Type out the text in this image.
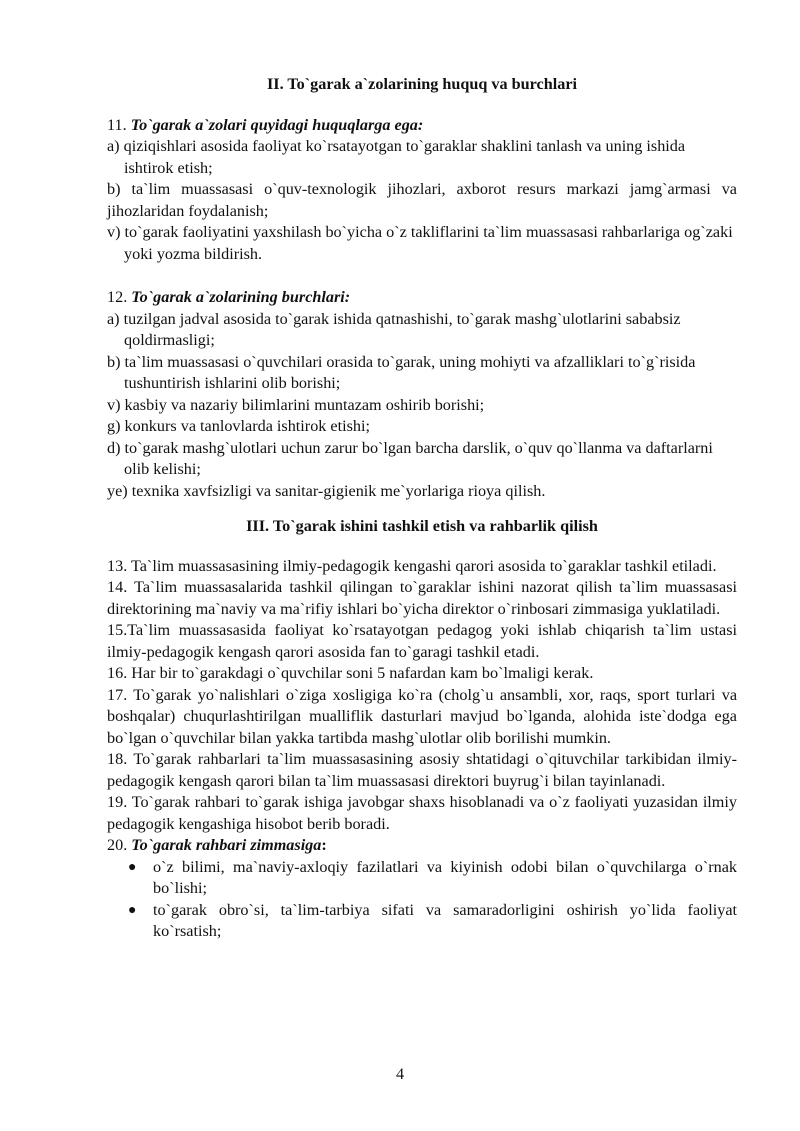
II. To`garak a`zolarining huquq va burchlari

11. To`garak a`zolari quyidagi huquqlarga ega:

a) qiziqishlari asosida faoliyat ko`rsatayotgan to`garaklar shaklini tanlash va uning ishida ishtirok etish;

b) ta`lim muassasasi o`quv-texnologik jihozlari, axborot resurs markazi jamg`armasi va jihozlaridan foydalanish;

v) to`garak faoliyatini yaxshilash bo`yicha o`z takliflarini ta`lim muassasasi rahbarlariga og`zaki yoki yozma bildirish.

12. To`garak a`zolarining burchlari:

a) tuzilgan jadval asosida to`garak ishida qatnashishi, to`garak mashg`ulotlarini sababsiz qoldirmasligi;

b) ta`lim muassasasi o`quvchilari orasida to`garak, uning mohiyti va afzalliklari to`g`risida tushuntirish ishlarini olib borishi;

v) kasbiy va nazariy bilimlarini muntazam oshirib borishi;

g) konkurs va tanlovlarda ishtirok etishi;

d) to`garak mashg`ulotlari uchun zarur bo`lgan barcha darslik, o`quv qo`llanma va daftarlarni olib kelishi;

ye) texnika xavfsizligi va sanitar-gigienik me`yorlariga rioya qilish.

III. To`garak ishini tashkil etish va rahbarlik qilish

13. Ta`lim muassasasining ilmiy-pedagogik kengashi qarori asosida to`garaklar tashkil etiladi.

14. Ta`lim muassasalarida tashkil qilingan to`garaklar ishini nazorat qilish ta`lim muassasasi direktorining ma`naviy va ma`rifiy ishlari bo`yicha direktor o`rinbosari zimmasiga yuklatiladi.

15.Ta`lim muassasasida faoliyat ko`rsatayotgan pedagog yoki ishlab chiqarish ta`lim ustasi ilmiy-pedagogik kengash qarori asosida fan to`garagi tashkil etadi.

16. Har bir to`garakdagi o`quvchilar soni 5 nafardan kam bo`lmaligi kerak.

17. To`garak yo`nalishlari o`ziga xosligiga ko`ra (cholg`u ansambli, xor, raqs, sport turlari va boshqalar) chuqurlashtirilgan mualliflik dasturlari mavjud bo`lganda, alohida iste`dodga ega bo`lgan o`quvchilar bilan yakka tartibda mashg`ulotlar olib borilishi mumkin.

18. To`garak rahbarlari ta`lim muassasasining asosiy shtatidagi o`qituvchilar tarkibidan ilmiy-pedagogik kengash qarori bilan ta`lim muassasasi direktori buyrug`i bilan tayinlanadi.

19. To`garak rahbari to`garak ishiga javobgar shaxs hisoblanadi va o`z faoliyati yuzasidan ilmiy pedagogik kengashiga hisobot berib boradi.

20. To`garak rahbari zimmasiga:

● o`z bilimi, ma`naviy-axloqiy fazilatlari va kiyinish odobi bilan o`quvchilarga o`rnak bo`lishi;
● to`garak obro`si, ta`lim-tarbiya sifati va samaradorligini oshirish yo`lida faoliyat ko`rsatish;
4
